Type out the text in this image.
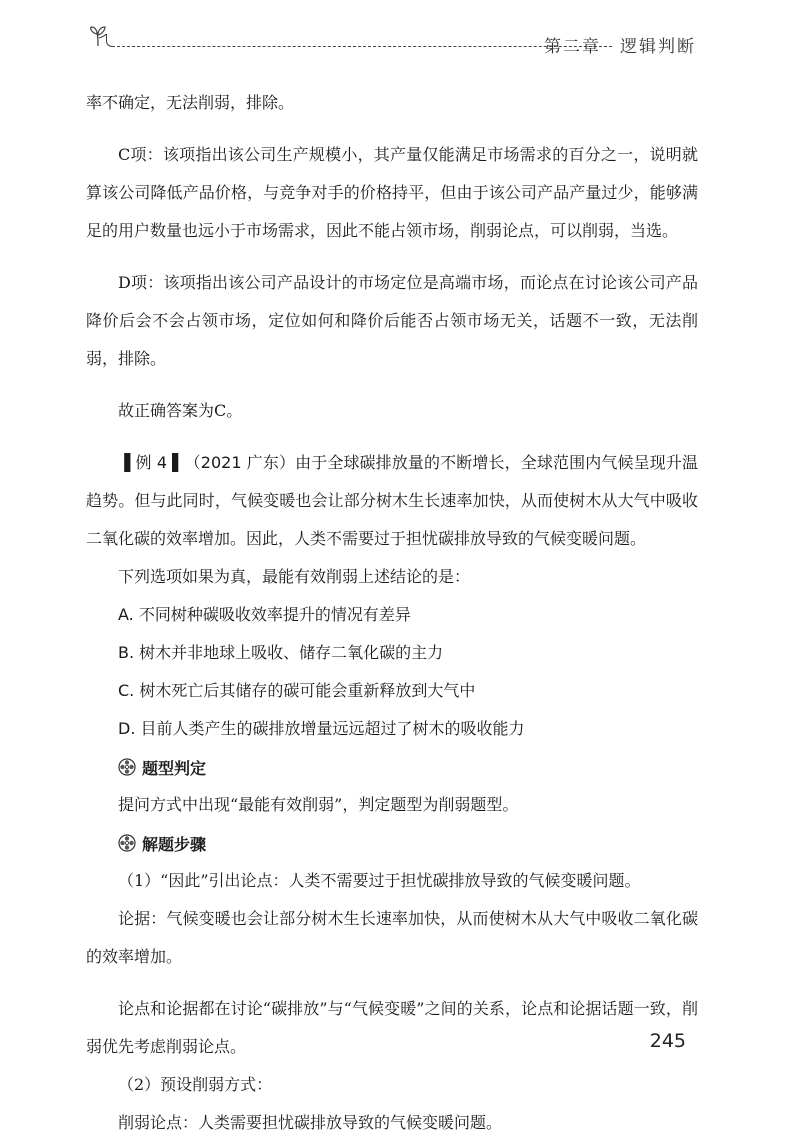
第二章　逻辑判断

率不确定，无法削弱，排除。

C项：该项指出该公司生产规模小，其产量仅能满足市场需求的百分之一，说明就算该公司降低产品价格，与竞争对手的价格持平，但由于该公司产品产量过少，能够满足的用户数量也远小于市场需求，因此不能占领市场，削弱论点，可以削弱，当选。

D项：该项指出该公司产品设计的市场定位是高端市场，而论点在讨论该公司产品降价后会不会占领市场，定位如何和降价后能否占领市场无关，话题不一致，无法削弱，排除。

故正确答案为C。

▐ 例 4 ▌（2021 广东）由于全球碳排放量的不断增长，全球范围内气候呈现升温趋势。但与此同时，气候变暖也会让部分树木生长速率加快，从而使树木从大气中吸收二氧化碳的效率增加。因此，人类不需要过于担忧碳排放导致的气候变暖问题。

下列选项如果为真，最能有效削弱上述结论的是：

A. 不同树种碳吸收效率提升的情况有差异

B. 树木并非地球上吸收、储存二氧化碳的主力

C. 树木死亡后其储存的碳可能会重新释放到大气中

D. 目前人类产生的碳排放增量远远超过了树木的吸收能力

题型判定

提问方式中出现“最能有效削弱”，判定题型为削弱题型。

解题步骤

（1）“因此”引出论点：人类不需要过于担忧碳排放导致的气候变暖问题。

论据：气候变暖也会让部分树木生长速率加快，从而使树木从大气中吸收二氧化碳的效率增加。

论点和论据都在讨论“碳排放”与“气候变暖”之间的关系，论点和论据话题一致，削弱优先考虑削弱论点。

（2）预设削弱方式：

削弱论点：人类需要担忧碳排放导致的气候变暖问题。

245
